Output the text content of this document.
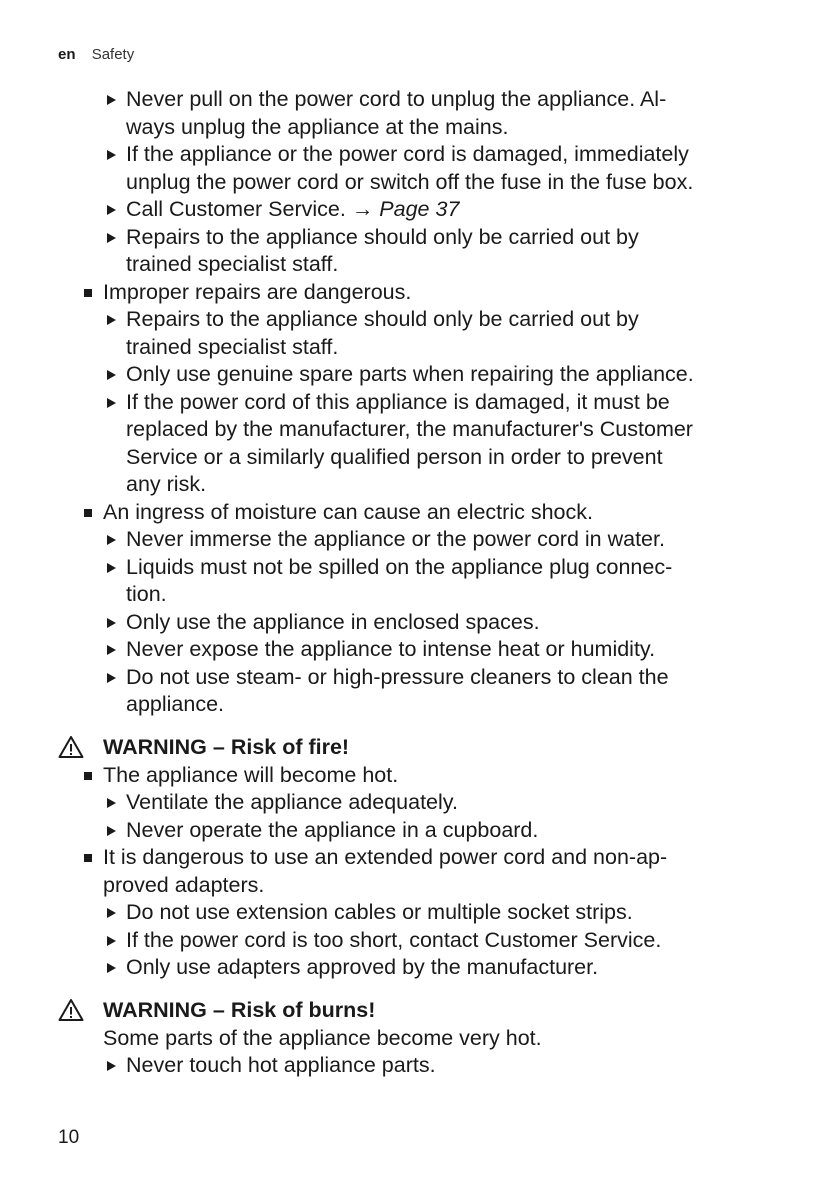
en Safety
Never pull on the power cord to unplug the appliance. Al-
ways unplug the appliance at the mains.
If the appliance or the power cord is damaged, immediately
unplug the power cord or switch off the fuse in the fuse box.
Call Customer Service. → Page 37
Repairs to the appliance should only be carried out by
trained specialist staff.
Improper repairs are dangerous.
Repairs to the appliance should only be carried out by
trained specialist staff.
Only use genuine spare parts when repairing the appliance.
If the power cord of this appliance is damaged, it must be
replaced by the manufacturer, the manufacturer's Customer
Service or a similarly qualified person in order to prevent
any risk.
An ingress of moisture can cause an electric shock.
Never immerse the appliance or the power cord in water.
Liquids must not be spilled on the appliance plug connec-
tion.
Only use the appliance in enclosed spaces.
Never expose the appliance to intense heat or humidity.
Do not use steam- or high-pressure cleaners to clean the
appliance.
WARNING – Risk of fire!
The appliance will become hot.
Ventilate the appliance adequately.
Never operate the appliance in a cupboard.
It is dangerous to use an extended power cord and non-ap-
proved adapters.
Do not use extension cables or multiple socket strips.
If the power cord is too short, contact Customer Service.
Only use adapters approved by the manufacturer.
WARNING – Risk of burns!
Some parts of the appliance become very hot.
Never touch hot appliance parts.
10
